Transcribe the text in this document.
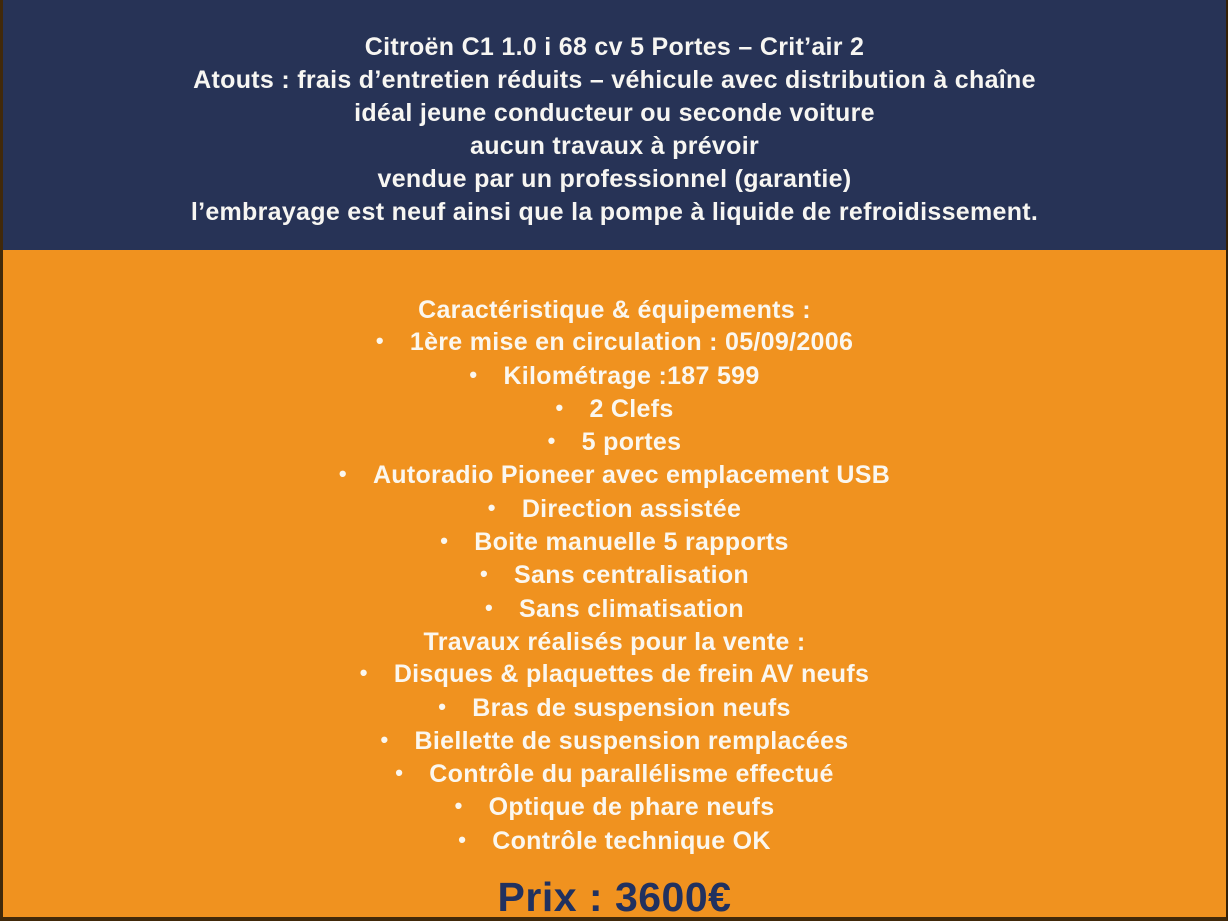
Citroën C1 1.0 i 68 cv 5 Portes – Crit’air 2
Atouts : frais d’entretien réduits – véhicule avec distribution à chaîne
idéal jeune conducteur ou seconde voiture
aucun travaux à prévoir
vendue par un professionnel (garantie)
l’embrayage est neuf ainsi que la pompe à liquide de refroidissement.
Caractéristique & équipements :
• 1ère mise en circulation : 05/09/2006
• Kilométrage :187 599
• 2 Clefs
• 5 portes
• Autoradio Pioneer avec emplacement USB
• Direction assistée
• Boite manuelle 5 rapports
• Sans centralisation
• Sans climatisation
Travaux réalisés pour la vente :
• Disques & plaquettes de frein AV neufs
• Bras de suspension neufs
• Biellette de suspension remplacées
• Contrôle du parallélisme effectué
• Optique de phare neufs
• Contrôle technique OK
Prix : 3600€
